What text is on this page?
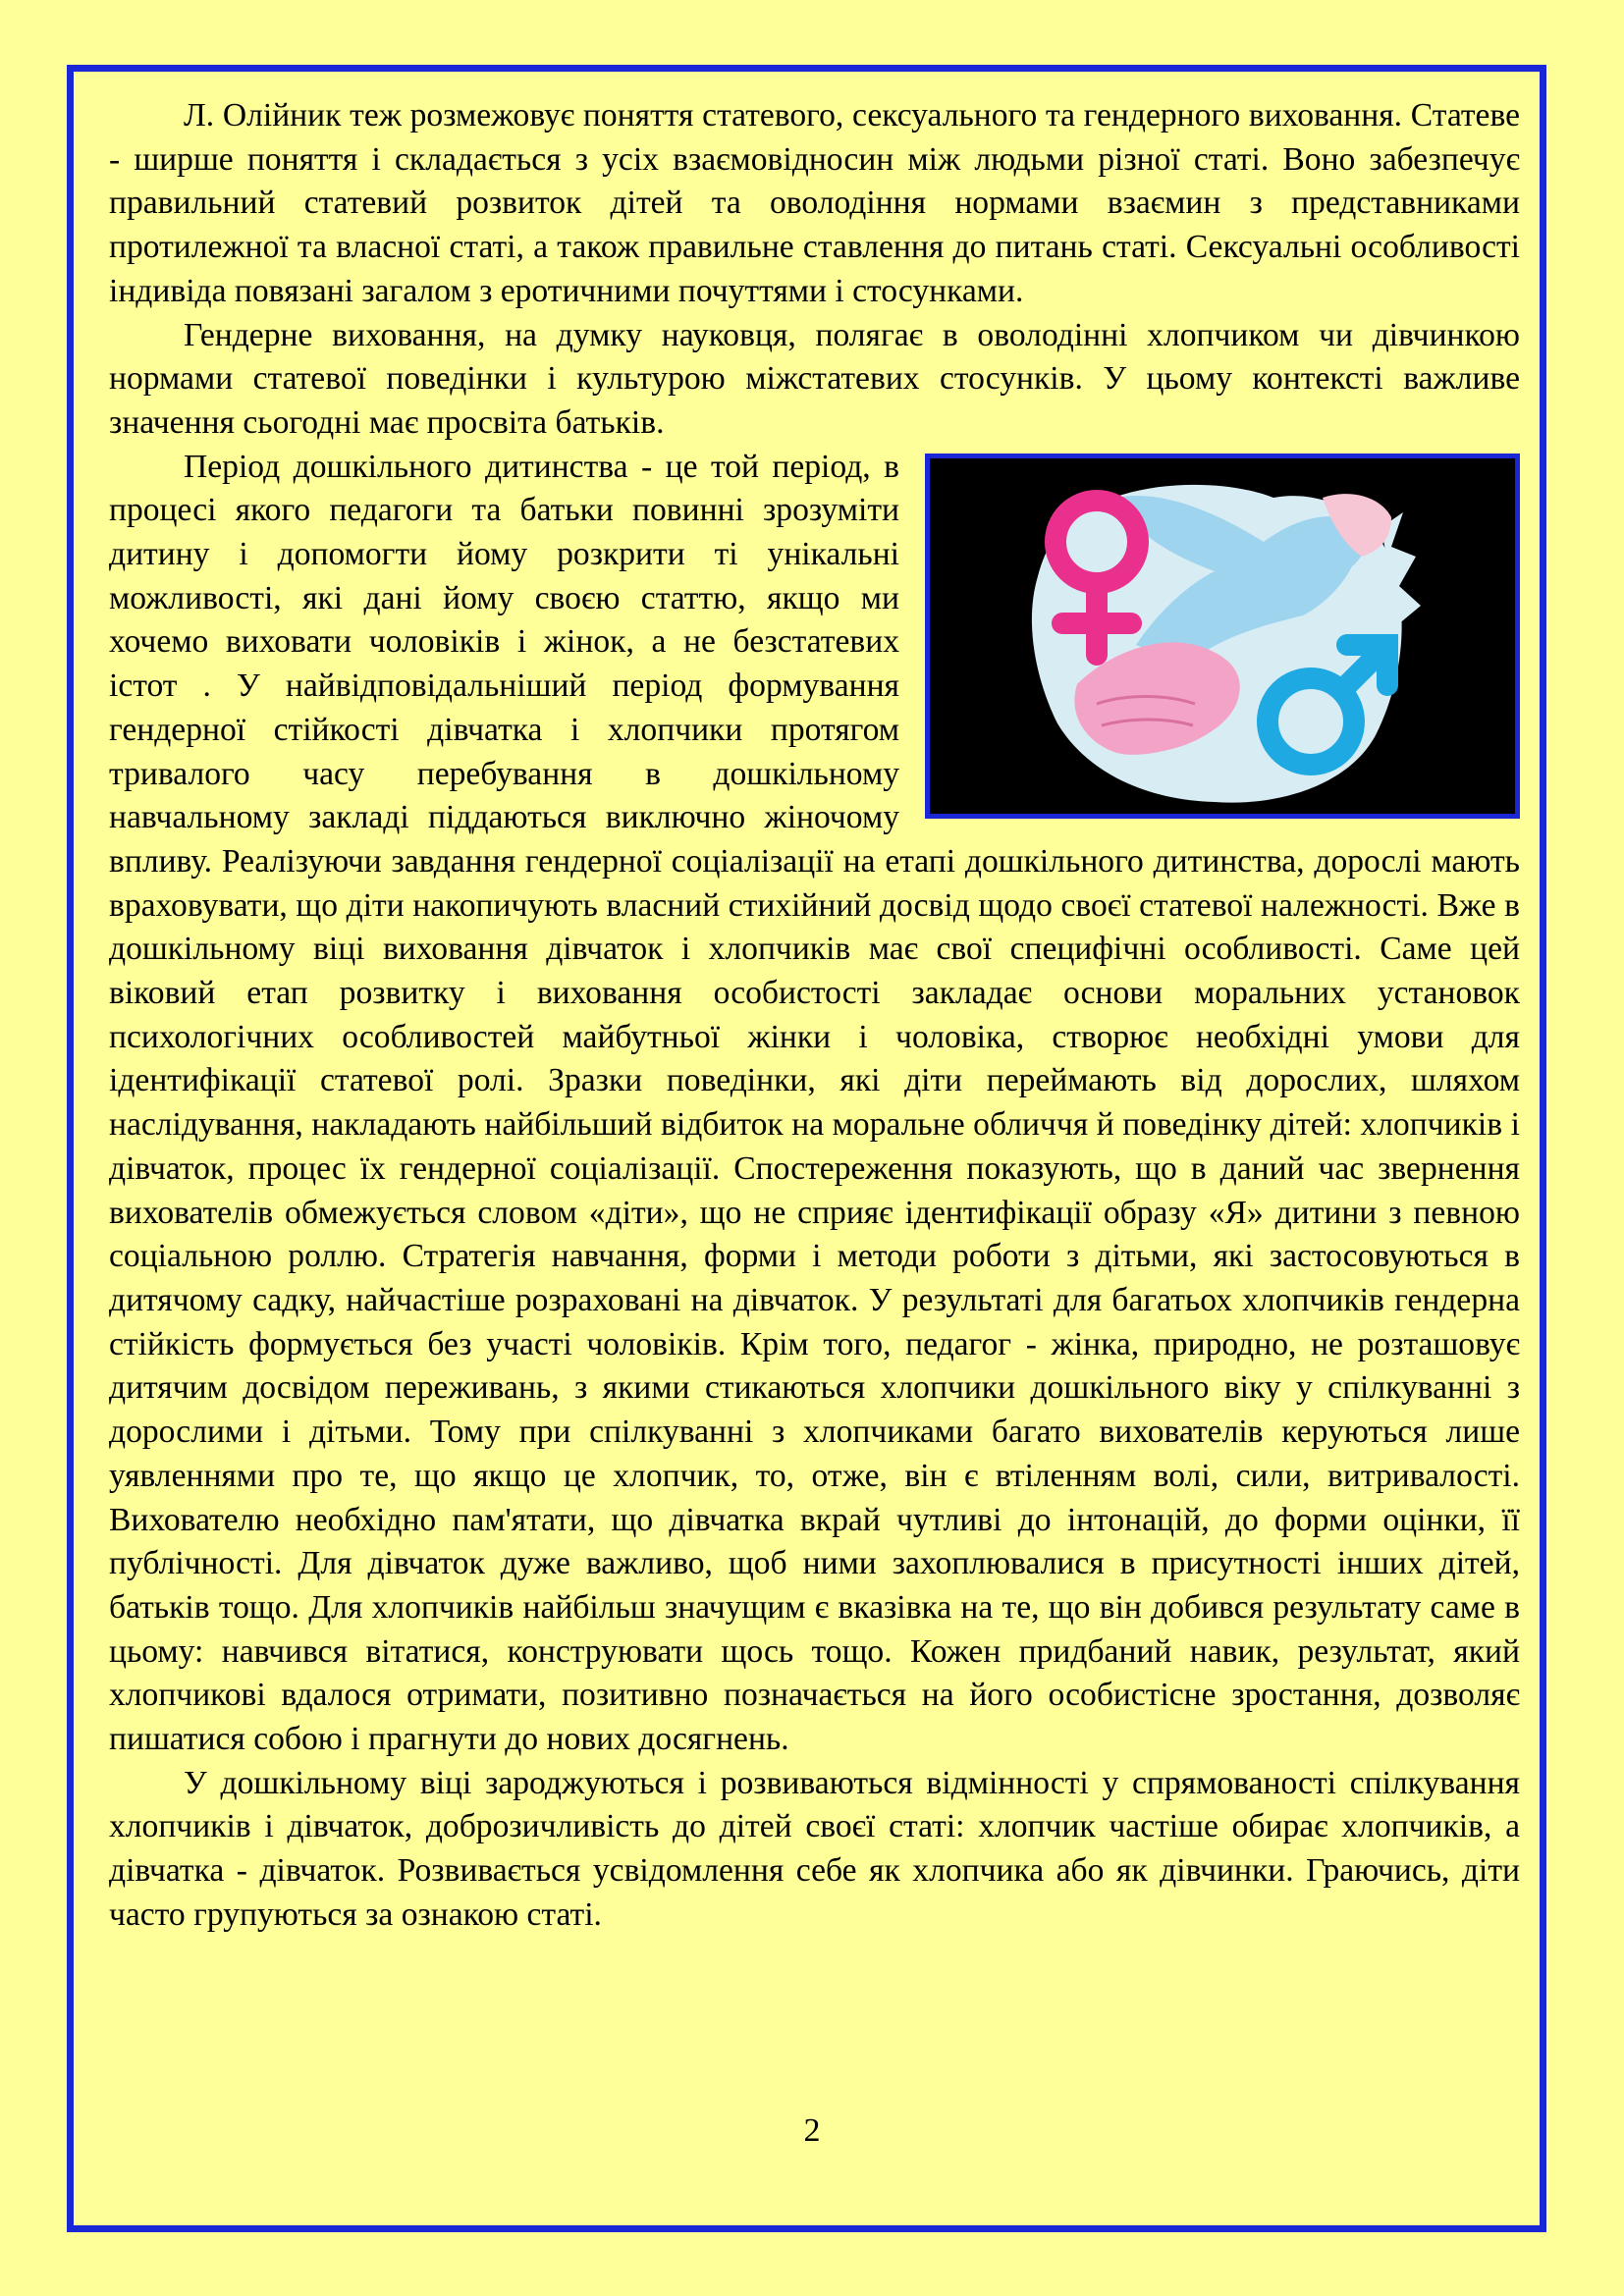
Л. Олійник теж розмежовує поняття статевого, сексуального та гендерного виховання. Статеве - ширше поняття і складається з усіх взаємовідносин між людьми різної статі. Воно забезпечує правильний статевий розвиток дітей та оволодіння нормами взаємин з представниками протилежної та власної статі, а також правильне ставлення до питань статі. Сексуальні особливості індивіда повязані загалом з еротичними почуттями і стосунками.

Гендерне виховання, на думку науковця, полягає в оволодінні хлопчиком чи дівчинкою нормами статевої поведінки і культурою міжстатевих стосунків. У цьому контексті важливе значення сьогодні має просвіта батьків.

Період дошкільного дитинства - це той період, в процесі якого педагоги та батьки повинні зрозуміти дитину і допомогти йому розкрити ті унікальні можливості, які дані йому своєю статтю, якщо ми хочемо виховати чоловіків і жінок, а не безстатевих істот . У найвідповідальніший період формування гендерної стійкості дівчатка і хлопчики протягом тривалого часу перебування в дошкільному навчальному закладі піддаються виключно жіночому впливу. Реалізуючи завдання гендерної соціалізації на етапі дошкільного дитинства, дорослі мають враховувати, що діти накопичують власний стихійний досвід щодо своєї статевої належності. Вже в дошкільному віці виховання дівчаток і хлопчиків має свої специфічні особливості. Саме цей віковий етап розвитку і виховання особистості закладає основи моральних установок психологічних особливостей майбутньої жінки і чоловіка, створює необхідні умови для ідентифікації статевої ролі. Зразки поведінки, які діти переймають від дорослих, шляхом наслідування, накладають найбільший відбиток на моральне обличчя й поведінку дітей: хлопчиків і дівчаток, процес їх гендерної соціалізації. Спостереження показують, що в даний час звернення вихователів обмежується словом «діти», що не сприяє ідентифікації образу «Я» дитини з певною соціальною роллю. Стратегія навчання, форми і методи роботи з дітьми, які застосовуються в дитячому садку, найчастіше розраховані на дівчаток. У результаті для багатьох хлопчиків гендерна стійкість формується без участі чоловіків. Крім того, педагог - жінка, природно, не розташовує дитячим досвідом переживань, з якими стикаються хлопчики дошкільного віку у спілкуванні з дорослими і дітьми. Тому при спілкуванні з хлопчиками багато вихователів керуються лише уявленнями про те, що якщо це хлопчик, то, отже, він є втіленням волі, сили, витривалості. Вихователю необхідно пам'ятати, що дівчатка вкрай чутливі до інтонацій, до форми оцінки, її публічності. Для дівчаток дуже важливо, щоб ними захоплювалися в присутності інших дітей, батьків тощо. Для хлопчиків найбільш значущим є вказівка на те, що він добився результату саме в цьому: навчився вітатися, конструювати щось тощо. Кожен придбаний навик, результат, який хлопчикові вдалося отримати, позитивно позначається на його особистісне зростання, дозволяє пишатися собою і прагнути до нових досягнень.

У дошкільному віці зароджуються і розвиваються відмінності у спрямованості спілкування хлопчиків і дівчаток, доброзичливість до дітей своєї статі: хлопчик частіше обирає хлопчиків, а дівчатка - дівчаток. Розвивається усвідомлення себе як хлопчика або як дівчинки. Граючись, діти часто групуються за ознакою статі.

2
